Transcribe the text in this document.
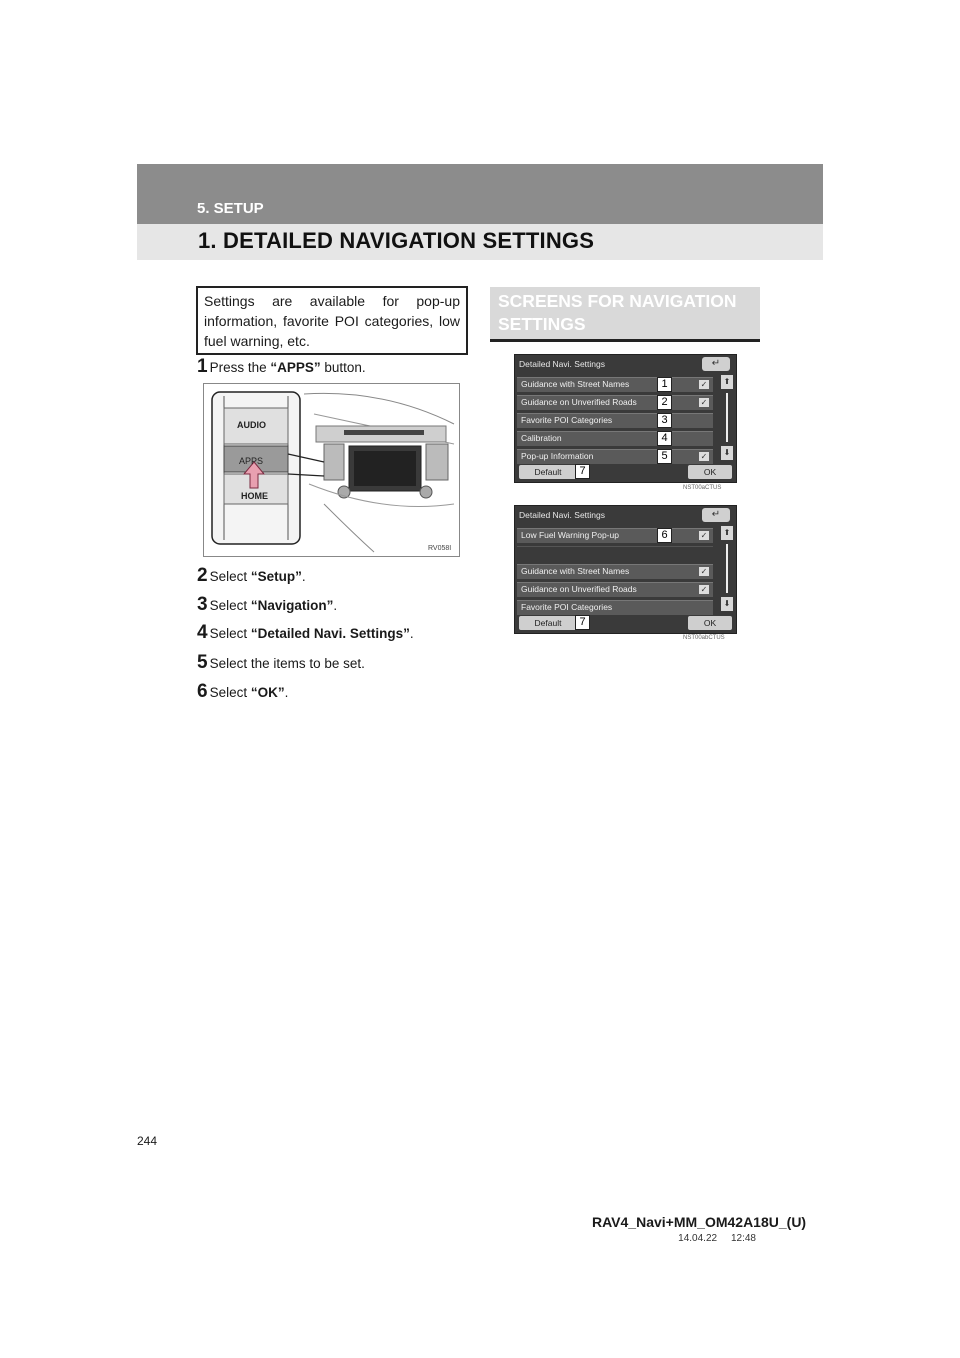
5. SETUP
1. DETAILED NAVIGATION SETTINGS
Settings are available for pop-up information, favorite POI categories, low fuel warning, etc.
1 Press the “APPS” button.
2 Select “Setup”.
3 Select “Navigation”.
4 Select “Detailed Navi. Settings”.
5 Select the items to be set.
6 Select “OK”.
AUDIO
APPS
HOME
RV058I
SCREENS FOR NAVIGATION SETTINGS
Detailed Navi. Settings	↵
Guidance with Street Names	✓
1
Guidance on Unverified Roads	✓
2
Favorite POI Categories	3
Calibration	4
Pop-up Information	✓
5
⬆
⬇
Default	OK
7
NST00aCTUS
Detailed Navi. Settings	↵
Low Fuel Warning Pop-up	✓
6
Guidance with Street Names	✓
Guidance on Unverified Roads	✓
Favorite POI Categories
⬆
⬇
Default	OK
7
NST00abCTUS
244
RAV4_Navi+MM_OM42A18U_(U)
14.04.22     12:48
